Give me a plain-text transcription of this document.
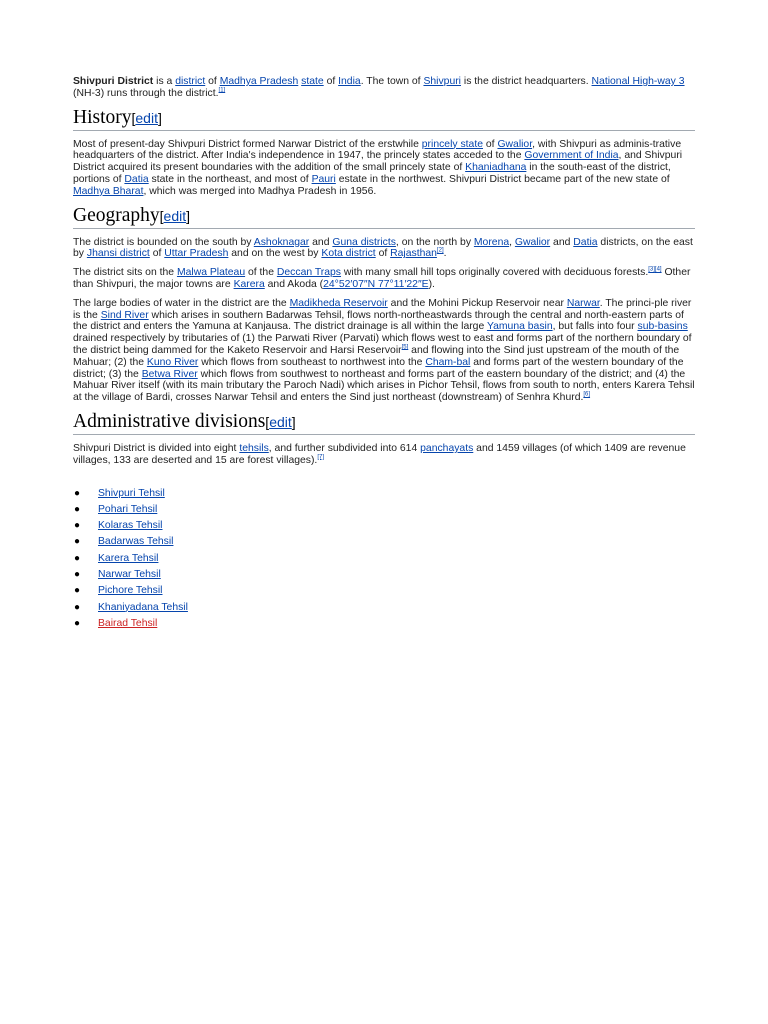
Shivpuri District is a district of Madhya Pradesh state of India. The town of Shivpuri is the district headquarters. National High-way 3 (NH-3) runs through the district.[1]

History[edit]

Most of present-day Shivpuri District formed Narwar District of the erstwhile princely state of Gwalior, with Shivpuri as adminis-trative headquarters of the district. After India's independence in 1947, the princely states acceded to the Government of India, and Shivpuri District acquired its present boundaries with the addition of the small princely state of Khaniadhana in the south-east of the district, portions of Datia state in the northeast, and most of Pauri estate in the northwest. Shivpuri District became part of the new state of Madhya Bharat, which was merged into Madhya Pradesh in 1956.

Geography[edit]

The district is bounded on the south by Ashoknagar and Guna districts, on the north by Morena, Gwalior and Datia districts, on the east by Jhansi district of Uttar Pradesh and on the west by Kota district of Rajasthan[2].

The district sits on the Malwa Plateau of the Deccan Traps with many small hill tops originally covered with deciduous forests.[3][4] Other than Shivpuri, the major towns are Karera and Akoda (24°52′07″N 77°11′22″E).

The large bodies of water in the district are the Madikheda Reservoir and the Mohini Pickup Reservoir near Narwar. The princi-ple river is the Sind River which arises in southern Badarwas Tehsil, flows north-northeastwards through the central and north-eastern parts of the district and enters the Yamuna at Kanjausa. The district drainage is all within the large Yamuna basin, but falls into four sub-basins drained respectively by tributaries of (1) the Parwati River (Parvati) which flows west to east and forms part of the northern boundary of the district being dammed for the Kaketo Reservoir and Harsi Reservoir[5] and flowing into the Sind just upstream of the mouth of the Mahuar; (2) the Kuno River which flows from southeast to northwest into the Cham-bal and forms part of the western boundary of the district; (3) the Betwa River which flows from southwest to northeast and forms part of the eastern boundary of the district; and (4) the Mahuar River itself (with its main tributary the Paroch Nadi) which arises in Pichor Tehsil, flows from south to north, enters Karera Tehsil at the village of Bardi, crosses Narwar Tehsil and enters the Sind just northeast (downstream) of Senhra Khurd.[6]

Administrative divisions[edit]

Shivpuri District is divided into eight tehsils, and further subdivided into 614 panchayats and 1459 villages (of which 1409 are revenue villages, 133 are deserted and 15 are forest villages).[7]

● Shivpuri Tehsil
● Pohari Tehsil
● Kolaras Tehsil
● Badarwas Tehsil
● Karera Tehsil
● Narwar Tehsil
● Pichore Tehsil
● Khaniyadana Tehsil
● Bairad Tehsil
